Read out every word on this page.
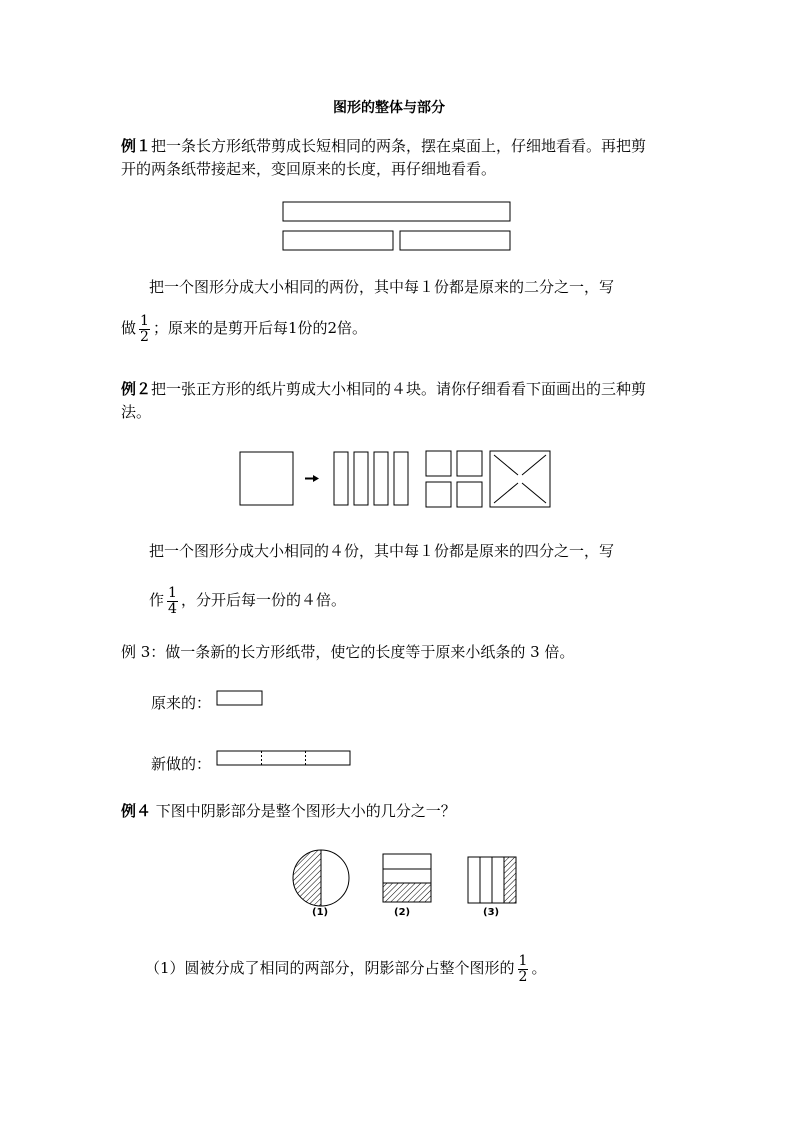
图形的整体与部分
例１把一条长方形纸带剪成长短相同的两条，摆在桌面上，仔细地看看。再把剪
开的两条纸带接起来，变回原来的长度，再仔细地看看。
把一个图形分成大小相同的两份，其中每１份都是原来的二分之一，写
做 $\frac{1}{2}$ ；原来的是剪开后每1份的2倍。
例２把一张正方形的纸片剪成大小相同的４块。请你仔细看看下面画出的三种剪
法。
把一个图形分成大小相同的４份，其中每１份都是原来的四分之一，写
作 $\frac{1}{4}$ ，分开后每一份的４倍。
例 3：做一条新的长方形纸带，使它的长度等于原来小纸条的 3 倍。
原来的：
新做的：
例４ 下图中阴影部分是整个图形大小的几分之一？
(1)	(2)	(3)
（1）圆被分成了相同的两部分，阴影部分占整个图形的 $\frac{1}{2}$ 。
